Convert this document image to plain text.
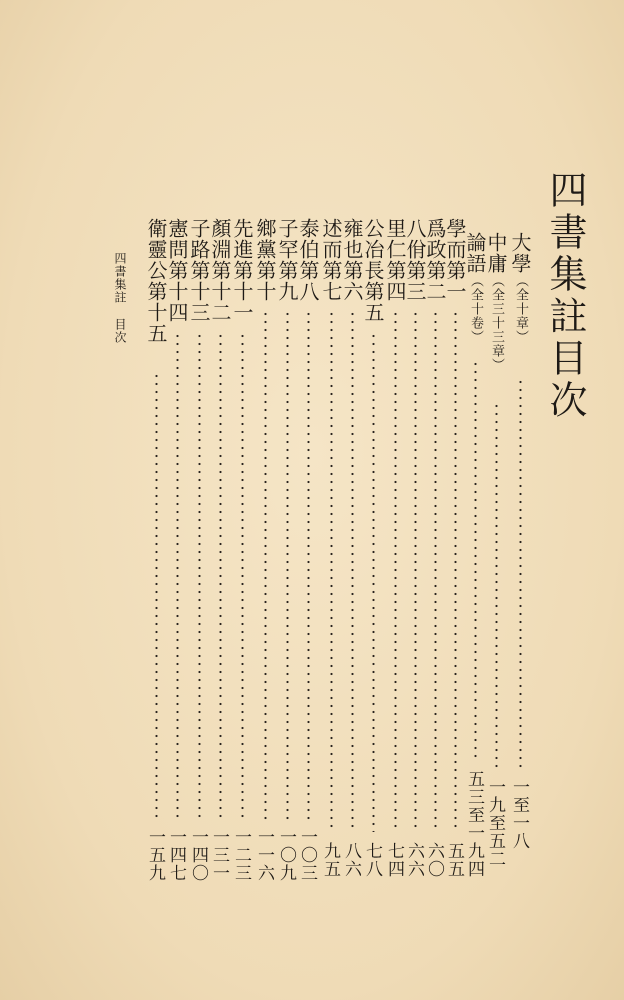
四書集註目次
大學（全十章）
一至一八
中庸（全三十三章）
一九至五二
論語（全十卷）
五三至一九四
學而第一
五五
爲政第二
六〇
八佾第三
六六
里仁第四
七四
公冶長第五
七八
雍也第六
八六
述而第七
九五
泰伯第八
一〇三
子罕第九
一〇九
鄉黨第十
一一六
先進第十一
一二三
顏淵第十二
一三一
子路第十三
一四〇
憲問第十四
一四七
衛靈公第十五
一五九
四書集註目次
